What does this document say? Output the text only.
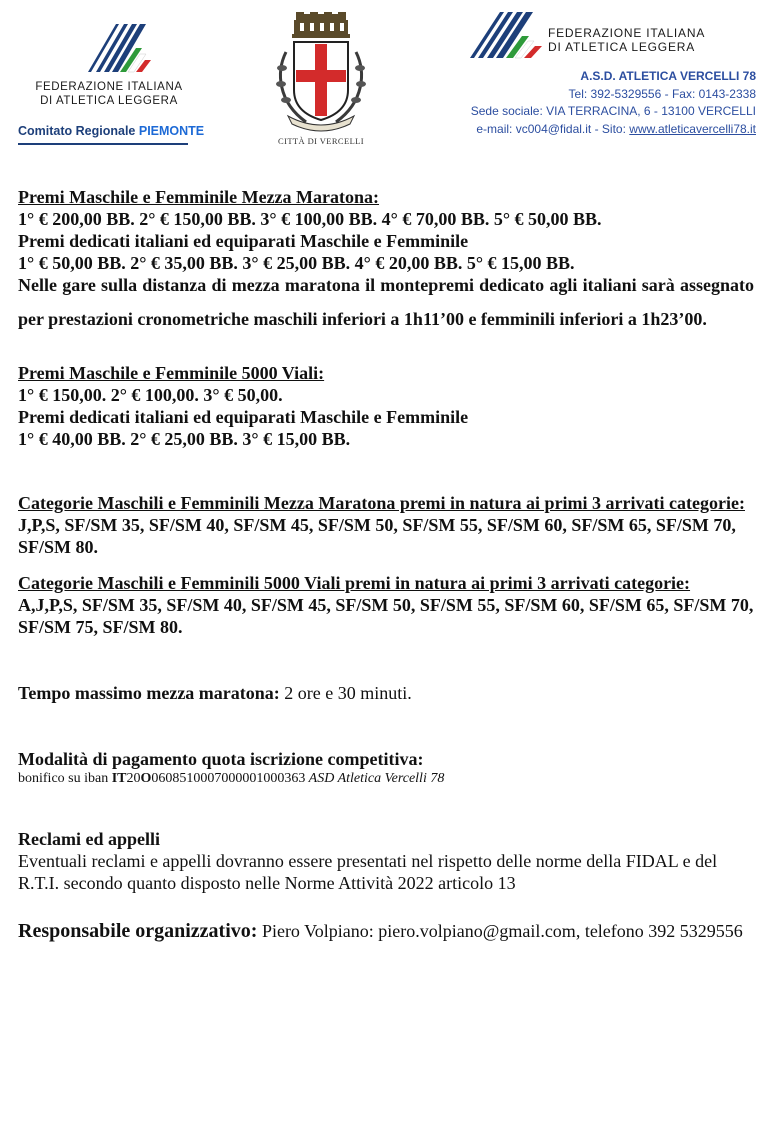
FEDERAZIONE ITALIANA
DI ATLETICA LEGGERA
Comitato Regionale PIEMONTE
CITTÀ DI VERCELLI
FEDERAZIONE ITALIANA
DI ATLETICA LEGGERA
A.S.D. ATLETICA VERCELLI 78
Tel: 392-5329556 - Fax: 0143-2338
Sede sociale: VIA TERRACINA, 6 - 13100 VERCELLI
e-mail: vc004@fidal.it - Sito: www.atleticavercelli78.it

Premi Maschile e Femminile Mezza Maratona:

1° € 200,00 BB. 2° € 150,00 BB. 3° € 100,00 BB. 4° € 70,00 BB. 5° € 50,00 BB.

Premi dedicati italiani ed equiparati Maschile e Femminile

1° € 50,00 BB. 2° € 35,00 BB. 3° € 25,00 BB. 4° € 20,00 BB. 5° € 15,00 BB.

Nelle gare sulla distanza di mezza maratona il montepremi dedicato agli italiani sarà assegnato per prestazioni cronometriche maschili inferiori a 1h11’00 e femminili inferiori a 1h23’00.

Premi Maschile e Femminile 5000 Viali:

1° € 150,00. 2° € 100,00. 3° € 50,00.

Premi dedicati italiani ed equiparati Maschile e Femminile

1° € 40,00 BB. 2° € 25,00 BB. 3° € 15,00 BB.

Categorie Maschili e Femminili Mezza Maratona premi in natura ai primi 3 arrivati categorie:

J,P,S, SF/SM 35, SF/SM 40, SF/SM 45, SF/SM 50, SF/SM 55, SF/SM 60, SF/SM 65, SF/SM 70, SF/SM 80.

Categorie Maschili e Femminili 5000 Viali premi in natura ai primi 3 arrivati categorie:

A,J,P,S, SF/SM 35, SF/SM 40, SF/SM 45, SF/SM 50, SF/SM 55, SF/SM 60, SF/SM 65, SF/SM 70, SF/SM 75, SF/SM 80.

Tempo massimo mezza maratona: 2 ore e 30 minuti.

Modalità di pagamento quota iscrizione competitiva:

bonifico su iban IT20O0608510007000001000363 ASD Atletica Vercelli 78

Reclami ed appelli

Eventuali reclami e appelli dovranno essere presentati nel rispetto delle norme della FIDAL e del R.T.I. secondo quanto disposto nelle Norme Attività 2022 articolo 13

Responsabile organizzativo: Piero Volpiano: piero.volpiano@gmail.com, telefono 392 5329556
